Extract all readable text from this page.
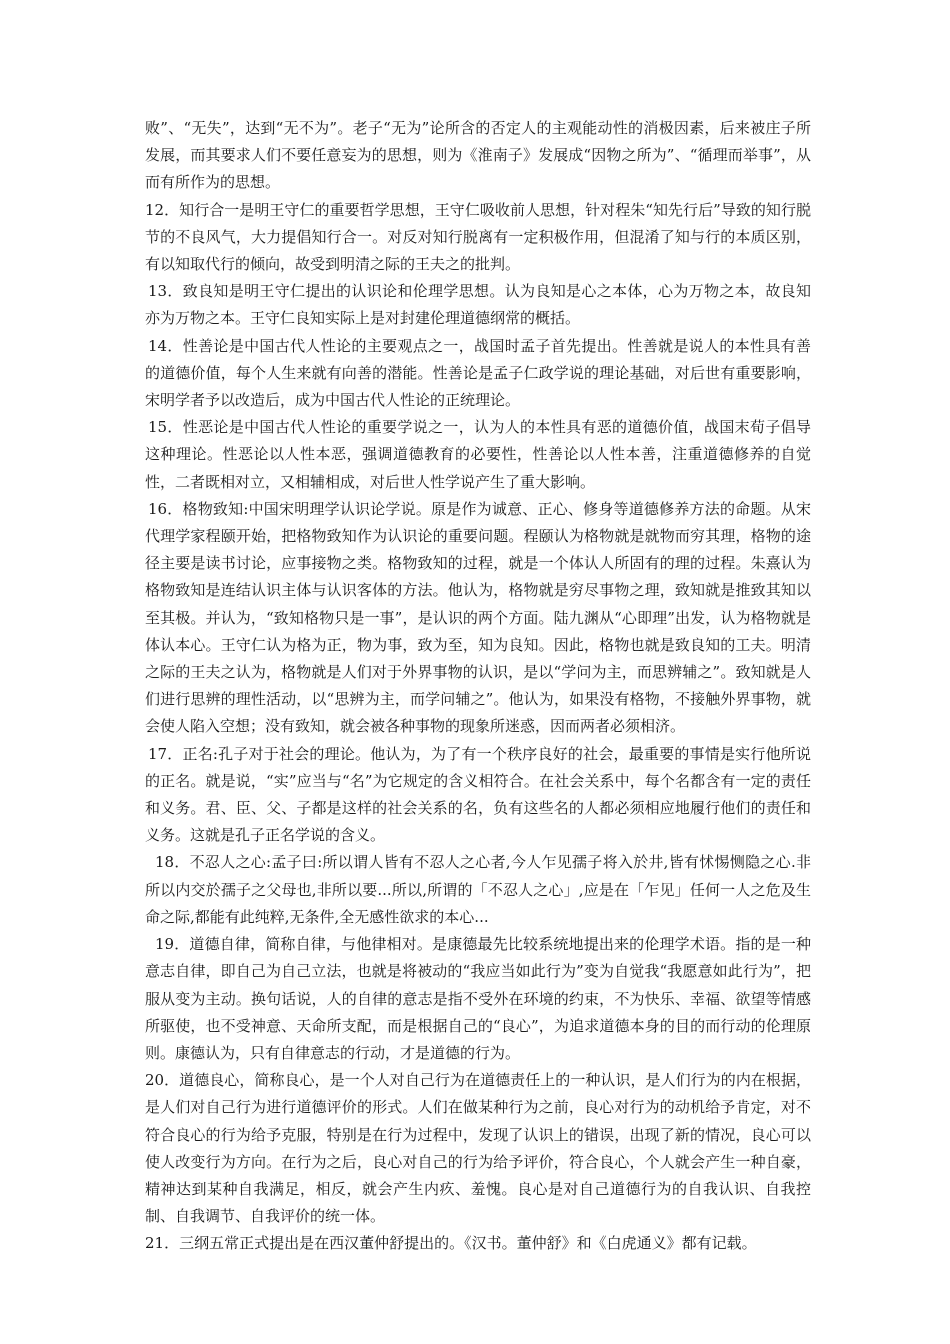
败”、“无失”，达到“无不为”。老子“无为”论所含的否定人的主观能动性的消极因素，后来被庄子所发展，而其要求人们不要任意妄为的思想，则为《淮南子》发展成“因物之所为”、“循理而举事”，从而有所作为的思想。

12．知行合一是明王守仁的重要哲学思想，王守仁吸收前人思想，针对程朱“知先行后”导致的知行脱节的不良风气，大力提倡知行合一。对反对知行脱离有一定积极作用，但混淆了知与行的本质区别，有以知取代行的倾向，故受到明清之际的王夫之的批判。

13．致良知是明王守仁提出的认识论和伦理学思想。认为良知是心之本体，心为万物之本，故良知亦为万物之本。王守仁良知实际上是对封建伦理道德纲常的概括。

14．性善论是中国古代人性论的主要观点之一，战国时孟子首先提出。性善就是说人的本性具有善的道德价值，每个人生来就有向善的潜能。性善论是孟子仁政学说的理论基础，对后世有重要影响，宋明学者予以改造后，成为中国古代人性论的正统理论。

15．性恶论是中国古代人性论的重要学说之一，认为人的本性具有恶的道德价值，战国末荀子倡导这种理论。性恶论以人性本恶，强调道德教育的必要性，性善论以人性本善，注重道德修养的自觉性，二者既相对立，又相辅相成，对后世人性学说产生了重大影响。

16．格物致知:中国宋明理学认识论学说。原是作为诚意、正心、修身等道德修养方法的命题。从宋代理学家程颐开始，把格物致知作为认识论的重要问题。程颐认为格物就是就物而穷其理，格物的途径主要是读书讨论，应事接物之类。格物致知的过程，就是一个体认人所固有的理的过程。朱熹认为格物致知是连结认识主体与认识客体的方法。他认为，格物就是穷尽事物之理，致知就是推致其知以至其极。并认为，“致知格物只是一事”，是认识的两个方面。陆九渊从“心即理”出发，认为格物就是体认本心。王守仁认为格为正，物为事，致为至，知为良知。因此，格物也就是致良知的工夫。明清之际的王夫之认为，格物就是人们对于外界事物的认识，是以“学问为主，而思辨辅之”。致知就是人们进行思辨的理性活动，以“思辨为主，而学问辅之”。他认为，如果没有格物，不接触外界事物，就会使人陷入空想；没有致知，就会被各种事物的现象所迷惑，因而两者必须相济。

17．正名:孔子对于社会的理论。他认为，为了有一个秩序良好的社会，最重要的事情是实行他所说的正名。就是说，“实”应当与“名”为它规定的含义相符合。在社会关系中，每个名都含有一定的责任和义务。君、臣、父、子都是这样的社会关系的名，负有这些名的人都必须相应地履行他们的责任和义务。这就是孔子正名学说的含义。

18．不忍人之心:孟子曰:所以谓人皆有不忍人之心者,今人乍见孺子将入於井,皆有怵惕恻隐之心.非所以内交於孺子之父母也,非所以要...所以,所谓的「不忍人之心」,应是在「乍见」任何一人之危及生命之际,都能有此纯粹,无条件,全无感性欲求的本心...

19．道德自律，简称自律，与他律相对。是康德最先比较系统地提出来的伦理学术语。指的是一种意志自律，即自己为自己立法，也就是将被动的“我应当如此行为”变为自觉我“我愿意如此行为”，把服从变为主动。换句话说，人的自律的意志是指不受外在环境的约束，不为快乐、幸福、欲望等情感所驱使，也不受神意、天命所支配，而是根据自己的“良心”，为追求道德本身的目的而行动的伦理原则。康德认为，只有自律意志的行动，才是道德的行为。

20．道德良心，简称良心，是一个人对自己行为在道德责任上的一种认识，是人们行为的内在根据，是人们对自己行为进行道德评价的形式。人们在做某种行为之前，良心对行为的动机给予肯定，对不符合良心的行为给予克服，特别是在行为过程中，发现了认识上的错误，出现了新的情况，良心可以使人改变行为方向。在行为之后，良心对自己的行为给予评价，符合良心，个人就会产生一种自豪，精神达到某种自我满足，相反，就会产生内疚、羞愧。良心是对自己道德行为的自我认识、自我控制、自我调节、自我评价的统一体。

21．三纲五常正式提出是在西汉董仲舒提出的。《汉书。董仲舒》和《白虎通义》都有记载。
